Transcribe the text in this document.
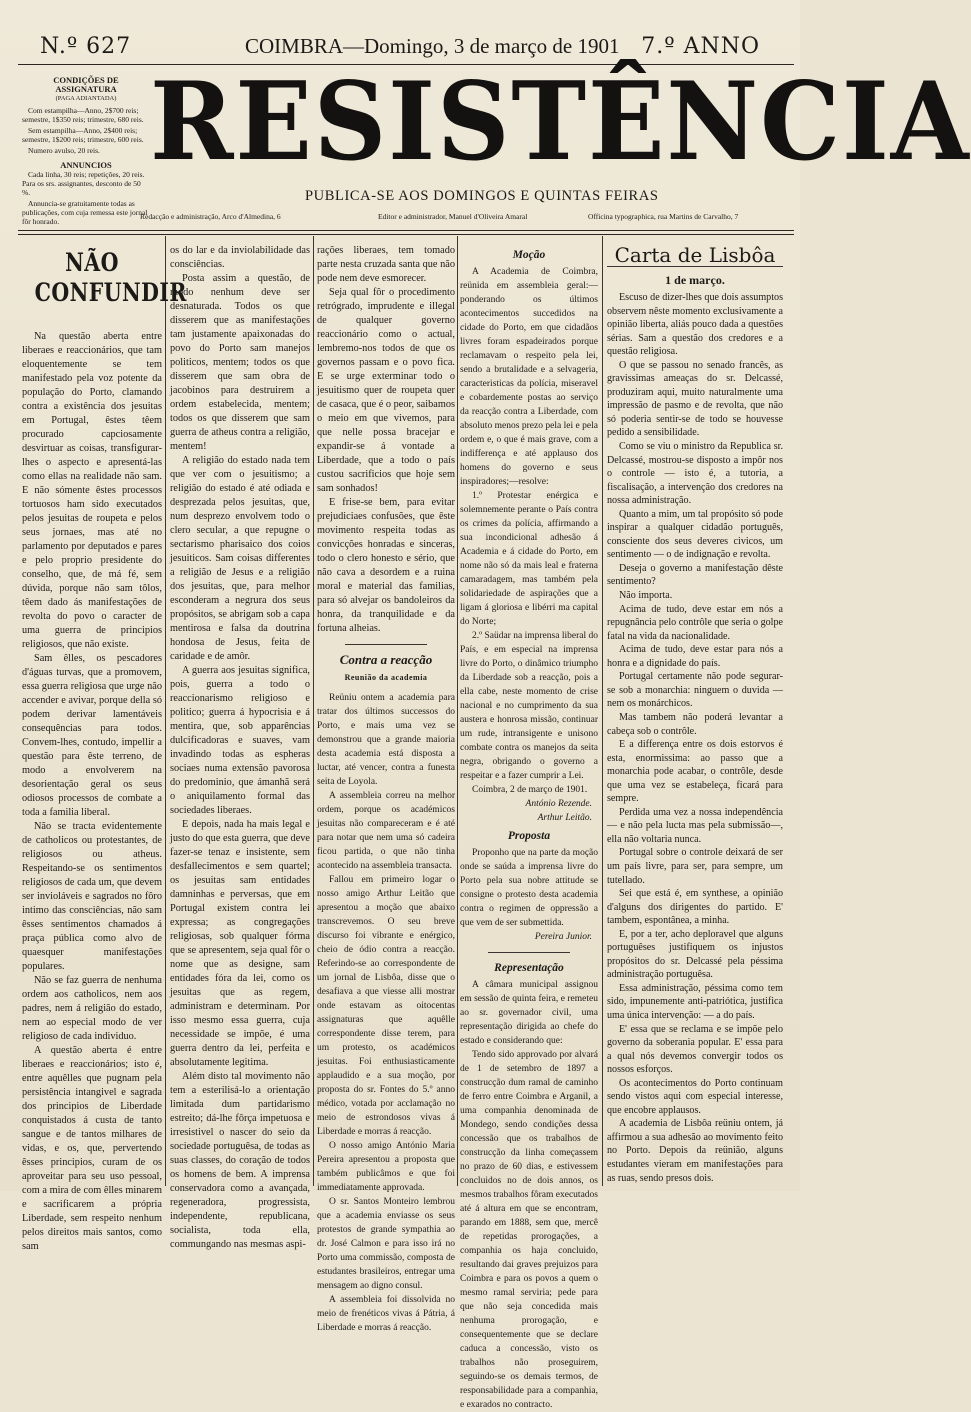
N.º 627	COIMBRA—Domingo, 3 de março de 1901 7.º ANNO
CONDIÇÕES DE ASSIGNATURA
(PAGA ADIANTADA)

Com estampilha—Anno, 2$700 reis; semestre, 1$350 reis; trimestre, 680 reis.

Sem estampilha—Anno, 2$400 reis; semestre, 1$200 reis; trimestre, 600 reis.

Numero avulso, 20 reis.

ANNUNCIOS

Cada linha, 30 reis; repetições, 20 reis. Para os srs. assignantes, desconto de 50 %.

Annuncia-se gratuitamente todas as publicações, com cuja remessa este jornal fôr honrado.

RESISTÊNCIA
PUBLICA-SE AOS DOMINGOS E QUINTAS FEIRAS
Redacção e administração, Arco d'Almedina, 6	Editor e administrador, Manuel d'Oliveira Amaral	Officina typographica, rua Martins de Carvalho, 7
NÃO CONFUNDIR

Na questão aberta entre liberaes e reaccionários, que tam eloquentemente se tem manifestado pela voz potente da população do Porto, clamando contra a existência dos jesuitas em Portugal, êstes têem procurado capciosamente desvirtuar as coisas, transfigurar-lhes o aspecto e apresentá-las como ellas na realidade não sam. E não sómente êstes processos tortuosos ham sido executados pelos jesuitas de roupeta e pelos seus jornaes, mas até no parlamento por deputados e pares e pelo proprio presidente do conselho, que, de má fé, sem dúvida, porque não sam tôlos, têem dado ás manifestações de revolta do povo o caracter de uma guerra de principios religiosos, que não existe.

Sam êlles, os pescadores d'águas turvas, que a promovem, essa guerra religiosa que urge não accender e avivar, porque della só podem derivar lamentáveis consequências para todos. Convem-lhes, contudo, impellir a questão para êste terreno, de modo a envolverem na desorientação geral os seus odiosos processos de combate a toda a familia liberal.

Não se tracta evidentemente de catholicos ou protestantes, de religiosos ou atheus. Respeitando-se os sentimentos religiosos de cada um, que devem ser invioláveis e sagrados no fôro intimo das consciências, não sam êsses sentimentos chamados á praça pública como alvo de quaesquer manifestações populares.

Não se faz guerra de nenhuma ordem aos catholicos, nem aos padres, nem á religião do estado, nem ao especial modo de ver religioso de cada individuo.

A questão aberta é entre liberaes e reaccionários; isto é, entre aquêlles que pugnam pela persistência intangivel e sagrada dos principios de Liberdade conquistados á custa de tanto sangue e de tantos milhares de vidas, e os, que, pervertendo êsses principios, curam de os aproveitar para seu uso pessoal, com a mira de com êlles minarem e sacrificarem a própria Liberdade, sem respeito nenhum pelos direitos mais santos, como sam

os do lar e da inviolabilidade das consciências.

Posta assim a questão, de modo nenhum deve ser desnaturada. Todos os que disserem que as manifestações tam justamente apaixonadas do povo do Porto sam manejos politicos, mentem; todos os que disserem que sam obra de jacobinos para destruirem a ordem estabelecida, mentem; todos os que disserem que sam guerra de atheus contra a religião, mentem!

A religião do estado nada tem que ver com o jesuitismo; a religião do estado é até odiada e desprezada pelos jesuitas, que, num desprezo envolvem todo o clero secular, a que repugne o sectarismo pharisaico dos coios jesuiticos. Sam coisas differentes a religião de Jesus e a religião dos jesuitas, que, para melhor esconderam a negrura dos seus propósitos, se abrigam sob a capa mentirosa e falsa da doutrina hondosa de Jesus, feita de caridade e de amôr.

A guerra aos jesuitas significa, pois, guerra a todo o reaccionarismo religioso e politico; guerra á hypocrisia e á mentira, que, sob apparências dulcificadoras e suaves, vam invadindo todas as espheras sociaes numa extensão pavorosa do predominio, que ámanhã será o aniquilamento formal das sociedades liberaes.

E depois, nada ha mais legal e justo do que esta guerra, que deve fazer-se tenaz e insistente, sem desfallecimentos e sem quartel; os jesuitas sam entidades damninhas e perversas, que em Portugal existem contra lei expressa; as congregações religiosas, sob qualquer fórma que se apresentem, seja qual fôr o nome que as designe, sam entidades fóra da lei, como os jesuitas que as regem, administram e determinam. Por isso mesmo essa guerra, cuja necessidade se impõe, é uma guerra dentro da lei, perfeita e absolutamente legitima.

Além disto tal movimento não tem a esterilisá-lo a orientação limitada dum partidarismo estreito; dá-lhe fôrça impetuosa e irresistivel o nascer do seio da sociedade portuguêsa, de todas as suas classes, do coração de todos os homens de bem. A imprensa conservadora como a avançada, regeneradora, progressista, independente, republicana, socialista, toda ella, commungando nas mesmas aspi-

rações liberaes, tem tomado parte nesta cruzada santa que não pode nem deve esmorecer.

Seja qual fôr o procedimento retrógrado, imprudente e illegal de qualquer governo reaccionário como o actual, lembremo-nos todos de que os governos passam e o povo fica. E se urge exterminar todo o jesuitismo quer de roupeta quer de casaca, que é o peor, saibamos o meio em que vivemos, para que nelle possa bracejar e expandir-se á vontade a Liberdade, que a todo o país custou sacrificios que hoje sem sam sonhados!

E frise-se bem, para evitar prejudiciaes confusões, que êste movimento respeita todas as convicções honradas e sinceras, todo o clero honesto e sério, que não cava a desordem e a ruina moral e material das familias, para só alvejar os bandoleiros da honra, da tranquilidade e da fortuna alheias.

Contra a reacção
Reunião da academia

Reüniu ontem a academia para tratar dos últimos successos do Porto, e mais uma vez se demonstrou que a grande maioria desta academia está disposta a luctar, até vencer, contra a funesta seita de Loyola.

A assembleia correu na melhor ordem, porque os académicos jesuitas não compareceram e é até para notar que nem uma só cadeira ficou partida, o que não tinha acontecido na assembleia transacta.

Fallou em primeiro logar o nosso amigo Arthur Leitão que apresentou a moção que abaixo transcrevemos. O seu breve discurso foi vibrante e enérgico, cheio de ódio contra a reacção. Referindo-se ao correspondente de um jornal de Lisbôa, disse que o desafiava a que viesse alli mostrar onde estavam as oitocentas assignaturas que aquêlle correspondente disse terem, para um protesto, os académicos jesuitas. Foi enthusiasticamente applaudido e a sua moção, por proposta do sr. Fontes do 5.º anno médico, votada por acclamação no meio de estrondosos vivas á Liberdade e morras á reacção.

O nosso amigo António Maria Pereira apresentou a proposta que também publicâmos e que foi immediatamente approvada.

O sr. Santos Monteiro lembrou que a academia enviasse os seus protestos de grande sympathia ao dr. José Calmon e para isso irá no Porto uma commissão, composta de estudantes brasileiros, entregar uma mensagem ao digno consul.

A assembleia foi dissolvida no meio de frenéticos vivas á Pátria, á Liberdade e morras á reacção.

Moção

A Academia de Coimbra, reünida em assembleia geral:—ponderando os últimos acontecimentos succedidos na cidade do Porto, em que cidadãos livres foram espadeirados porque reclamavam o respeito pela lei, sendo a brutalidade e a selvageria, caracteristicas da polícia, miseravel e cobardemente postas ao serviço da reacção contra a Liberdade, com absoluto menos prezo pela lei e pela ordem e, o que é mais grave, com a indifferença e até applauso dos homens do governo e seus inspiradores;—resolve:

1.º Protestar enérgica e solemnemente perante o País contra os crimes da polícia, affirmando a sua incondicional adhesão á Academia e á cidade do Porto, em nome não só da mais leal e fraterna camaradagem, mas também pela solidariedade de aspirações que a ligam á gloriosa e libérri ma capital do Norte;

2.º Saüdar na imprensa liberal do País, e em especial na imprensa livre do Porto, o dinâmico triumpho da Liberdade sob a reacção, pois a ella cabe, neste momento de crise nacional e no cumprimento da sua austera e honrosa missão, continuar um rude, intransigente e unisono combate contra os manejos da seita negra, obrigando o governo a respeitar e a fazer cumprir a Lei.

Coimbra, 2 de março de 1901.

António Rezende.
Arthur Leitão.
Proposta

Proponho que na parte da moção onde se saúda a imprensa livre do Porto pela sua nobre attitude se consigne o protesto desta academia contra o regimen de oppressão a que vem de ser submettida.

Pereira Junior.
Representação

A câmara municipal assignou em sessão de quinta feira, e remeteu ao sr. governador civil, uma representação dirigida ao chefe do estado e considerando que:

Tendo sido approvado por alvará de 1 de setembro de 1897 a construcção dum ramal de caminho de ferro entre Coimbra e Arganil, a uma companhia denominada de Mondego, sendo condições dessa concessão que os trabalhos de construcção da linha começassem no prazo de 60 dias, e estivessem concluidos no de dois annos, os mesmos trabalhos fôram executados até á altura em que se encontram, parando em 1888, sem que, mercê de repetidas prorogações, a companhia os haja concluido, resultando dai graves prejuizos para Coimbra e para os povos a quem o mesmo ramal serviria; pede para que não seja concedida mais nenhuma prorogação, e consequentemente que se declare caduca a concessão, visto os trabalhos não proseguirem, seguindo-se os demais termos, de responsabilidade para a companhia, e exarados no contracto.

Carta de Lisbôa
1 de março.

Escuso de dizer-lhes que dois assumptos observem nêste momento exclusivamente a opinião liberta, aliás pouco dada a questões sérias. Sam a questão dos credores e a questão religiosa.

O que se passou no senado francês, as gravissimas ameaças do sr. Delcassé, produziram aqui, muito naturalmente uma impressão de pasmo e de revolta, que não só poderia sentir-se de todo se houvesse pedido a sensibilidade.

Como se viu o ministro da Republica sr. Delcassé, mostrou-se disposto a impôr nos o controle — isto é, a tutoria, a fiscalisação, a intervenção dos credores na nossa administração.

Quanto a mim, um tal propósito só pode inspirar a qualquer cidadão português, consciente dos seus deveres civicos, um sentimento — o de indignação e revolta.

Deseja o governo a manifestação dêste sentimento?

Não importa.

Acima de tudo, deve estar em nós a repugnância pelo contrôle que seria o golpe fatal na vida da nacionalidade.

Acima de tudo, deve estar para nós a honra e a dignidade do país.

Portugal certamente não pode segurar-se sob a monarchia: ninguem o duvida — nem os monárchicos.

Mas tambem não poderá levantar a cabeça sob o contrôle.

E a differença entre os dois estorvos é esta, enormissima: ao passo que a monarchia pode acabar, o contrôle, desde que uma vez se estabeleça, ficará para sempre.

Perdida uma vez a nossa independência — e não pela lucta mas pela submissão—, ella não voltaria nunca.

Portugal sobre o controle deixará de ser um país livre, para ser, para sempre, um tutellado.

Sei que está é, em synthese, a opinião d'alguns dos dirigentes do partido. E' tambem, espontânea, a minha.

E, por a ter, acho deploravel que alguns portuguêses justifiquem os injustos propósitos do sr. Delcassé pela péssima administração portuguêsa.

Essa administração, péssima como tem sido, impunemente anti-patriótica, justifica uma única intervenção: — a do país.

E' essa que se reclama e se impõe pelo governo da soberania popular. E' essa para a qual nós devemos convergir todos os nossos esforços.

Os acontecimentos do Porto continuam sendo vistos aqui com especial interesse, que encobre applausos.

A academia de Lisbôa reüniu ontem, já affirmou a sua adhesão ao movimento feito no Porto. Depois da reünião, alguns estudantes vieram em manifestações para as ruas, sendo presos dois.
